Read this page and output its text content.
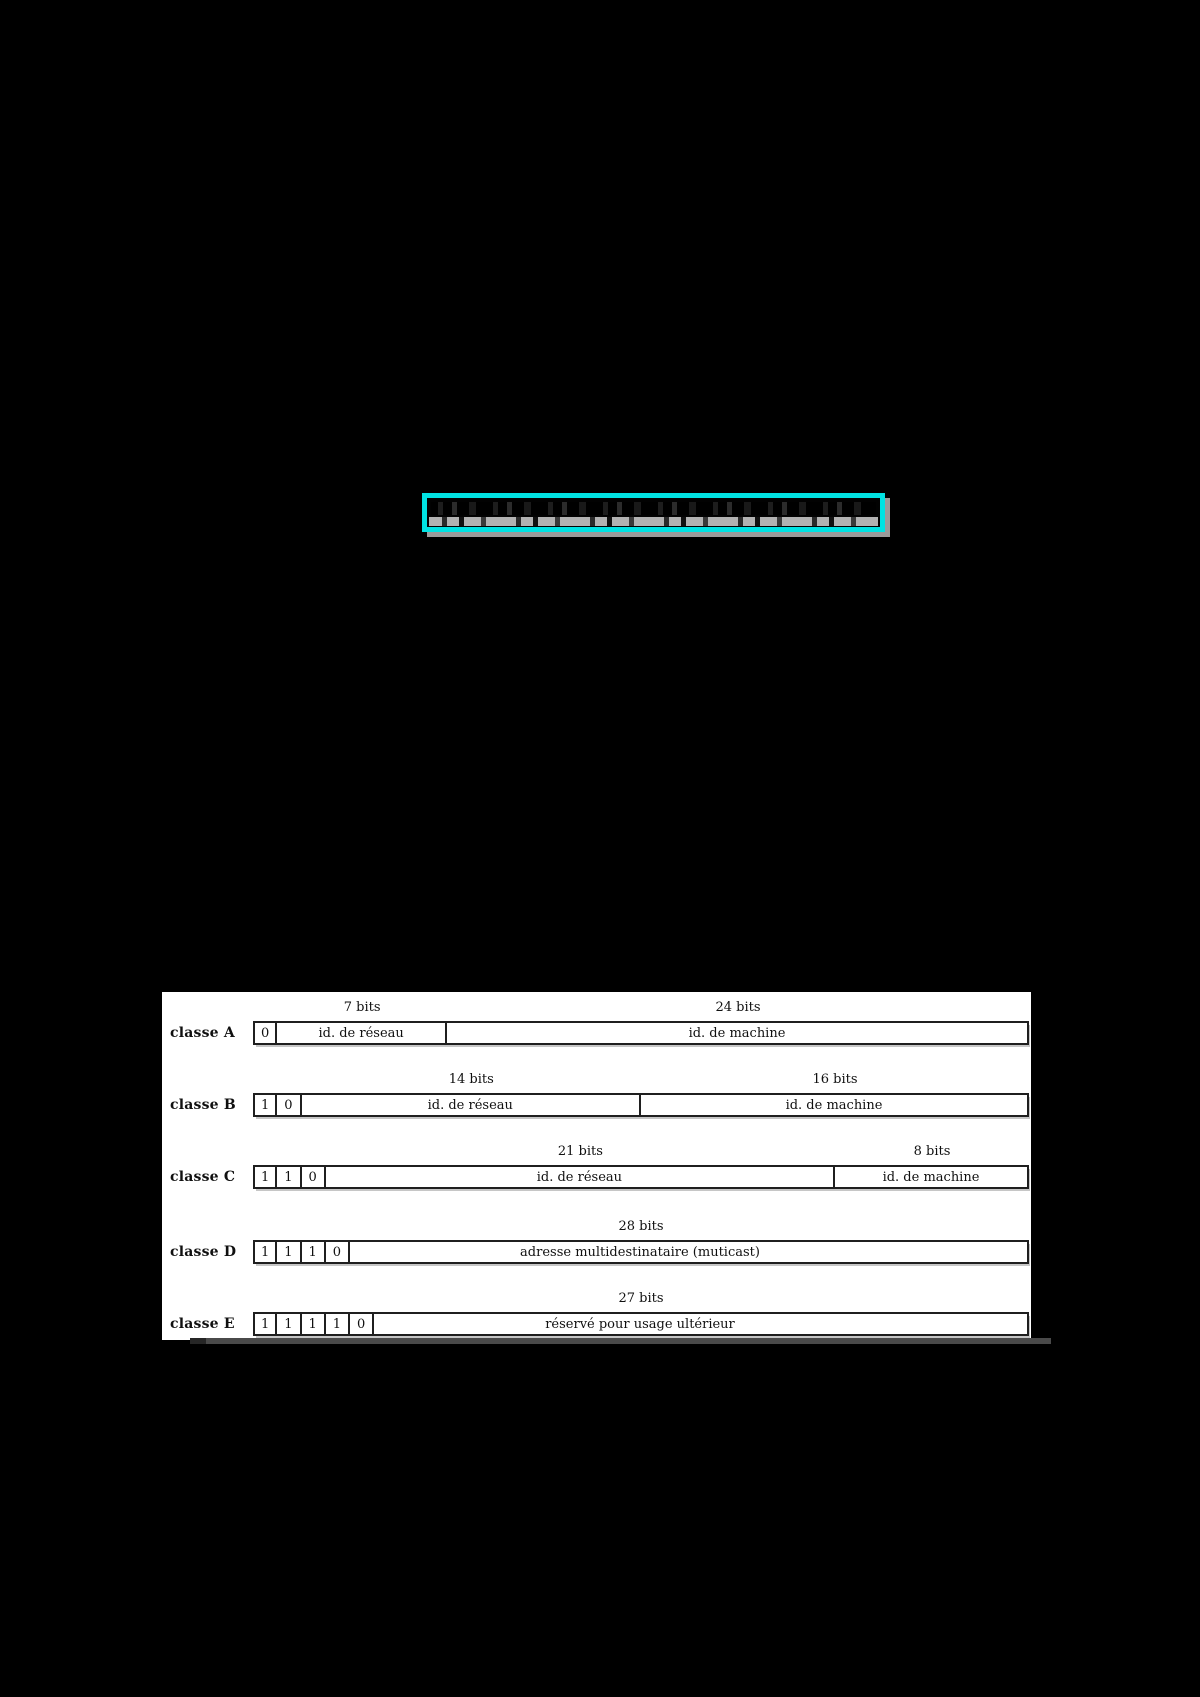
classe A
7 bits	24 bits
0	id. de réseau	id. de machine
classe B
14 bits	16 bits
1	0	id. de réseau	id. de machine
classe C
21 bits	8 bits
1	1	0	id. de réseau	id. de machine
classe D
28 bits
1	1	1	0	adresse multidestinataire (muticast)
classe E
27 bits
1	1	1	1	0	réservé pour usage ultérieur
